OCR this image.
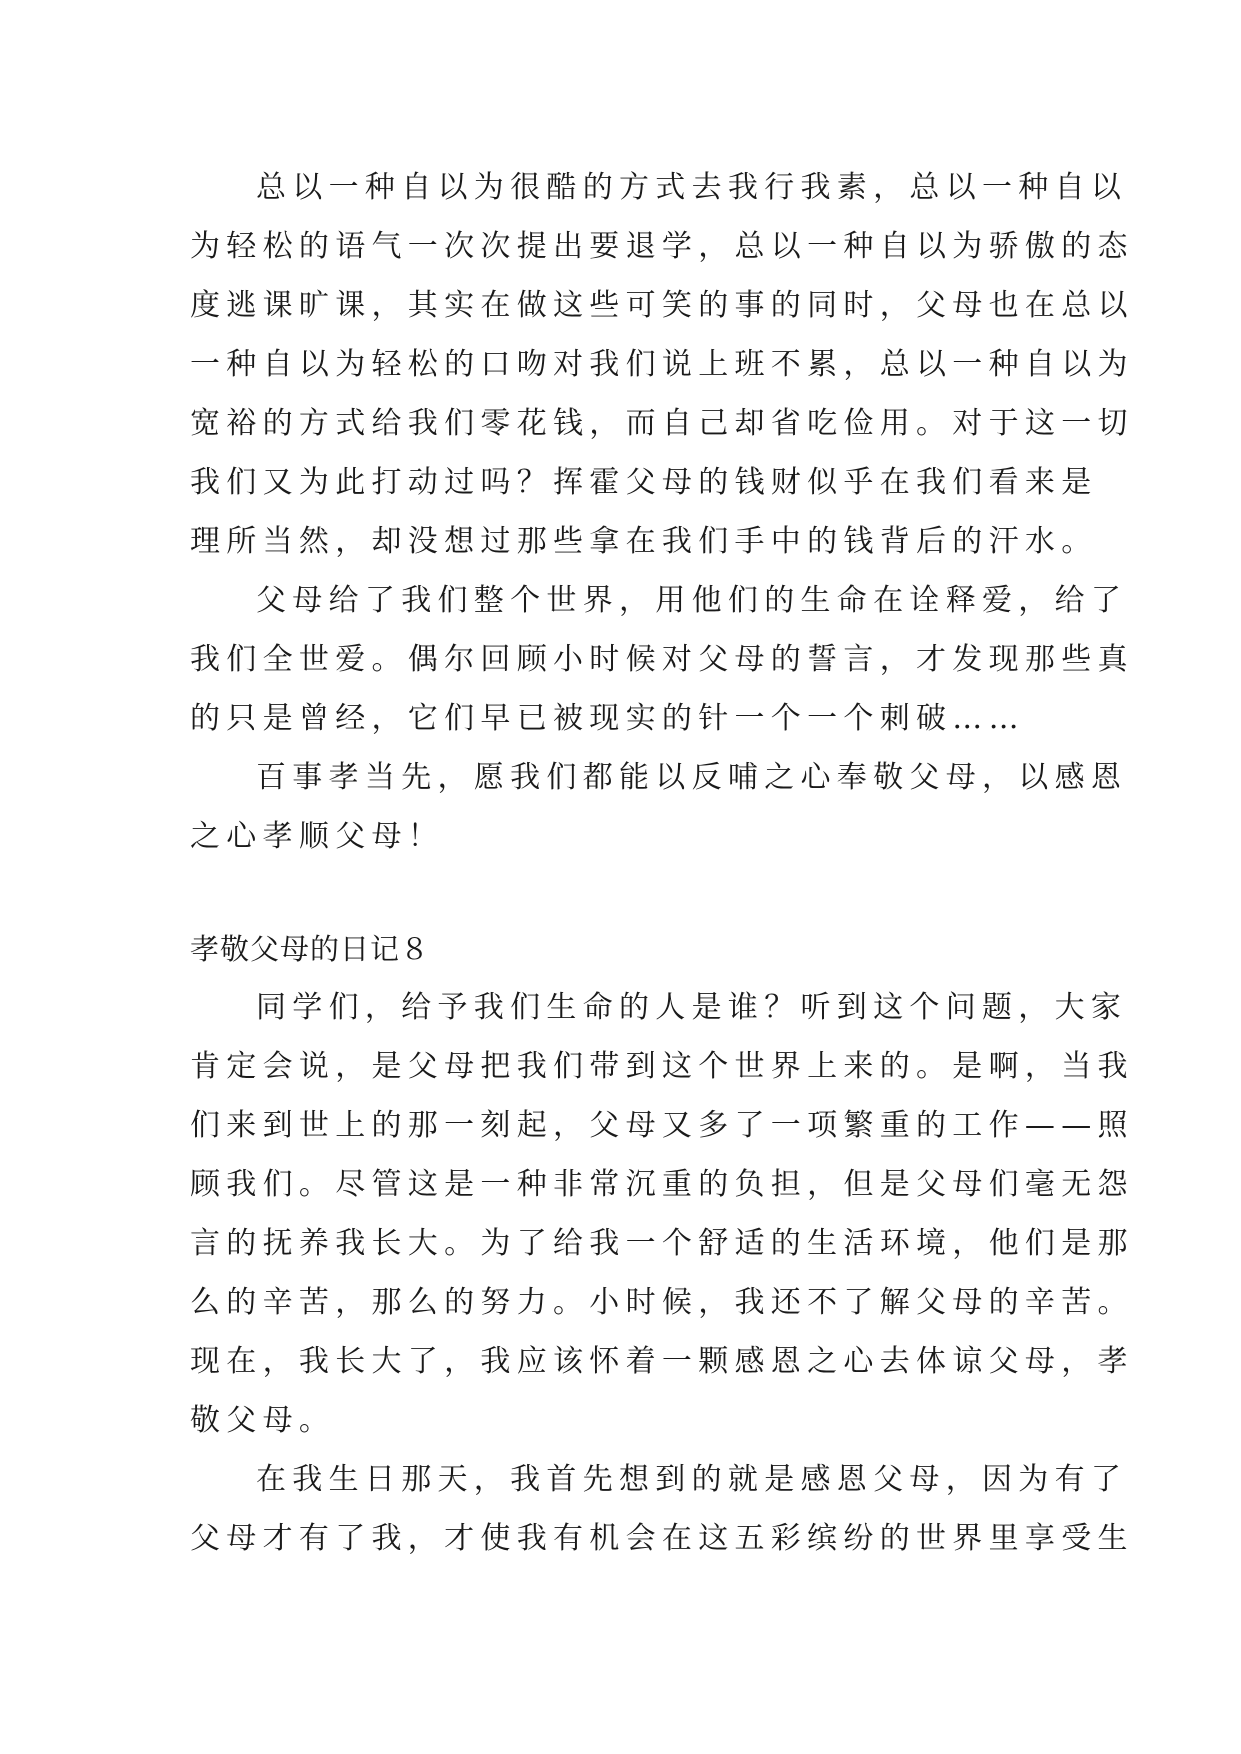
总以一种自以为很酷的方式去我行我素，总以一种自以
为轻松的语气一次次提出要退学，总以一种自以为骄傲的态
度逃课旷课，其实在做这些可笑的事的同时，父母也在总以
一种自以为轻松的口吻对我们说上班不累，总以一种自以为
宽裕的方式给我们零花钱，而自己却省吃俭用。对于这一切
我们又为此打动过吗？挥霍父母的钱财似乎在我们看来是
理所当然，却没想过那些拿在我们手中的钱背后的汗水。
父母给了我们整个世界，用他们的生命在诠释爱，给了
我们全世爱。偶尔回顾小时候对父母的誓言，才发现那些真
的只是曾经，它们早已被现实的针一个一个刺破……
百事孝当先，愿我们都能以反哺之心奉敬父母，以感恩
之心孝顺父母！
孝敬父母的日记８
同学们，给予我们生命的人是谁？听到这个问题，大家
肯定会说，是父母把我们带到这个世界上来的。是啊，当我
们来到世上的那一刻起，父母又多了一项繁重的工作——照
顾我们。尽管这是一种非常沉重的负担，但是父母们毫无怨
言的抚养我长大。为了给我一个舒适的生活环境，他们是那
么的辛苦，那么的努力。小时候，我还不了解父母的辛苦。
现在，我长大了，我应该怀着一颗感恩之心去体谅父母，孝
敬父母。
在我生日那天，我首先想到的就是感恩父母，因为有了
父母才有了我，才使我有机会在这五彩缤纷的世界里享受生
